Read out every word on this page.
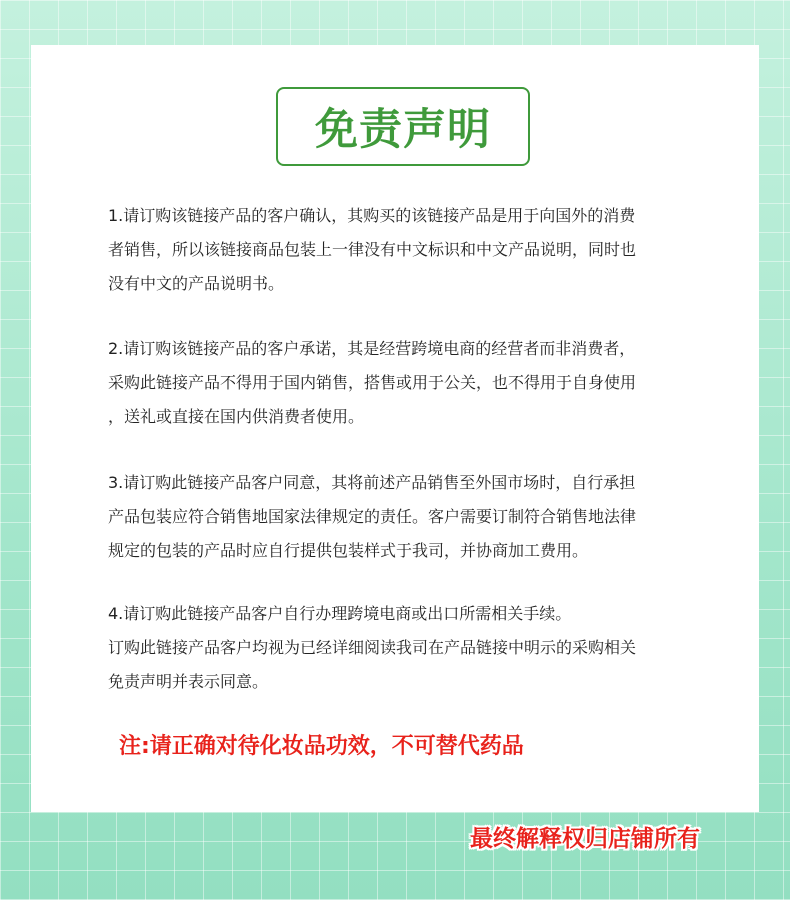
免责声明
1.请订购该链接产品的客户确认，其购买的该链接产品是用于向国外的消费
者销售，所以该链接商品包装上一律没有中文标识和中文产品说明，同时也
没有中文的产品说明书。
2.请订购该链接产品的客户承诺，其是经营跨境电商的经营者而非消费者，
采购此链接产品不得用于国内销售，搭售或用于公关，也不得用于自身使用
，送礼或直接在国内供消费者使用。
3.请订购此链接产品客户同意，其将前述产品销售至外国市场时，自行承担
产品包装应符合销售地国家法律规定的责任。客户需要订制符合销售地法律
规定的包装的产品时应自行提供包装样式于我司，并协商加工费用。
4.请订购此链接产品客户自行办理跨境电商或出口所需相关手续。
订购此链接产品客户均视为已经详细阅读我司在产品链接中明示的采购相关
免责声明并表示同意。
注:请正确对待化妆品功效，不可替代药品
最终解释权归店铺所有
